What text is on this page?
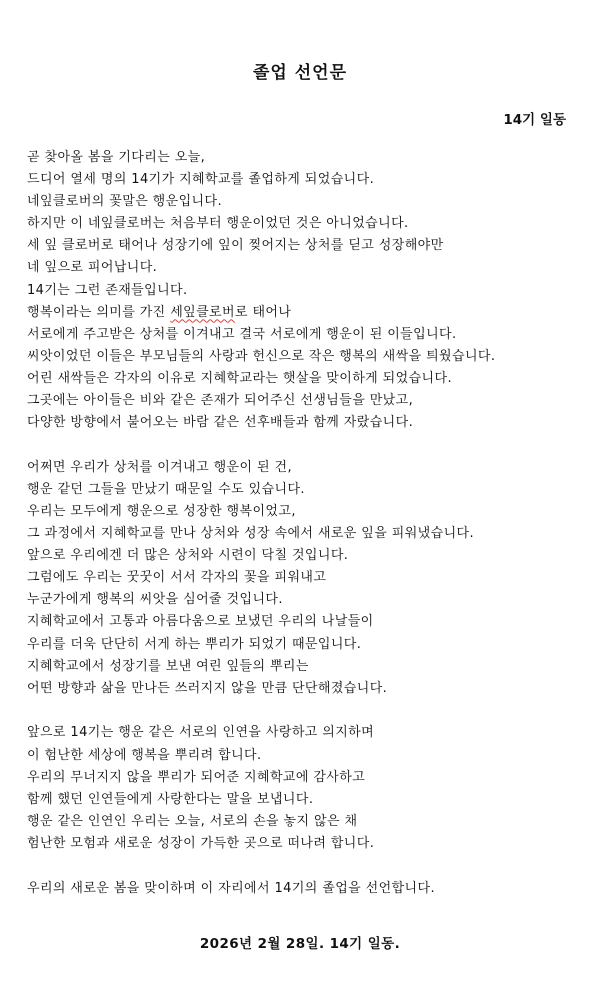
졸업 선언문
14기 일동
곧 찾아올 봄을 기다리는 오늘,
드디어 열세 명의 14기가 지혜학교를 졸업하게 되었습니다.
네잎클로버의 꽃말은 행운입니다.
하지만 이 네잎클로버는 처음부터 행운이었던 것은 아니었습니다.
세 잎 클로버로 태어나 성장기에 잎이 찢어지는 상처를 딛고 성장해야만
네 잎으로 피어납니다.
14기는 그런 존재들입니다.
행복이라는 의미를 가진 세잎클로버로 태어나
서로에게 주고받은 상처를 이겨내고 결국 서로에게 행운이 된 이들입니다.
씨앗이었던 이들은 부모님들의 사랑과 헌신으로 작은 행복의 새싹을 틔웠습니다.
어린 새싹들은 각자의 이유로 지혜학교라는 햇살을 맞이하게 되었습니다.
그곳에는 아이들은 비와 같은 존재가 되어주신 선생님들을 만났고,
다양한 방향에서 불어오는 바람 같은 선후배들과 함께 자랐습니다.
어쩌면 우리가 상처를 이겨내고 행운이 된 건,
행운 같던 그들을 만났기 때문일 수도 있습니다.
우리는 모두에게 행운으로 성장한 행복이었고,
그 과정에서 지혜학교를 만나 상처와 성장 속에서 새로운 잎을 피워냈습니다.
앞으로 우리에겐 더 많은 상처와 시련이 닥칠 것입니다.
그럼에도 우리는 꿋꿋이 서서 각자의 꽃을 피워내고
누군가에게 행복의 씨앗을 심어줄 것입니다.
지혜학교에서 고통과 아름다움으로 보냈던 우리의 나날들이
우리를 더욱 단단히 서게 하는 뿌리가 되었기 때문입니다.
지혜학교에서 성장기를 보낸 여린 잎들의 뿌리는
어떤 방향과 삶을 만나든 쓰러지지 않을 만큼 단단해졌습니다.
앞으로 14기는 행운 같은 서로의 인연을 사랑하고 의지하며
이 험난한 세상에 행복을 뿌리려 합니다.
우리의 무너지지 않을 뿌리가 되어준 지혜학교에 감사하고
함께 했던 인연들에게 사랑한다는 말을 보냅니다.
행운 같은 인연인 우리는 오늘, 서로의 손을 놓지 않은 채
험난한 모험과 새로운 성장이 가득한 곳으로 떠나려 합니다.
우리의 새로운 봄을 맞이하며 이 자리에서 14기의 졸업을 선언합니다.
2026년 2월 28일. 14기 일동.
